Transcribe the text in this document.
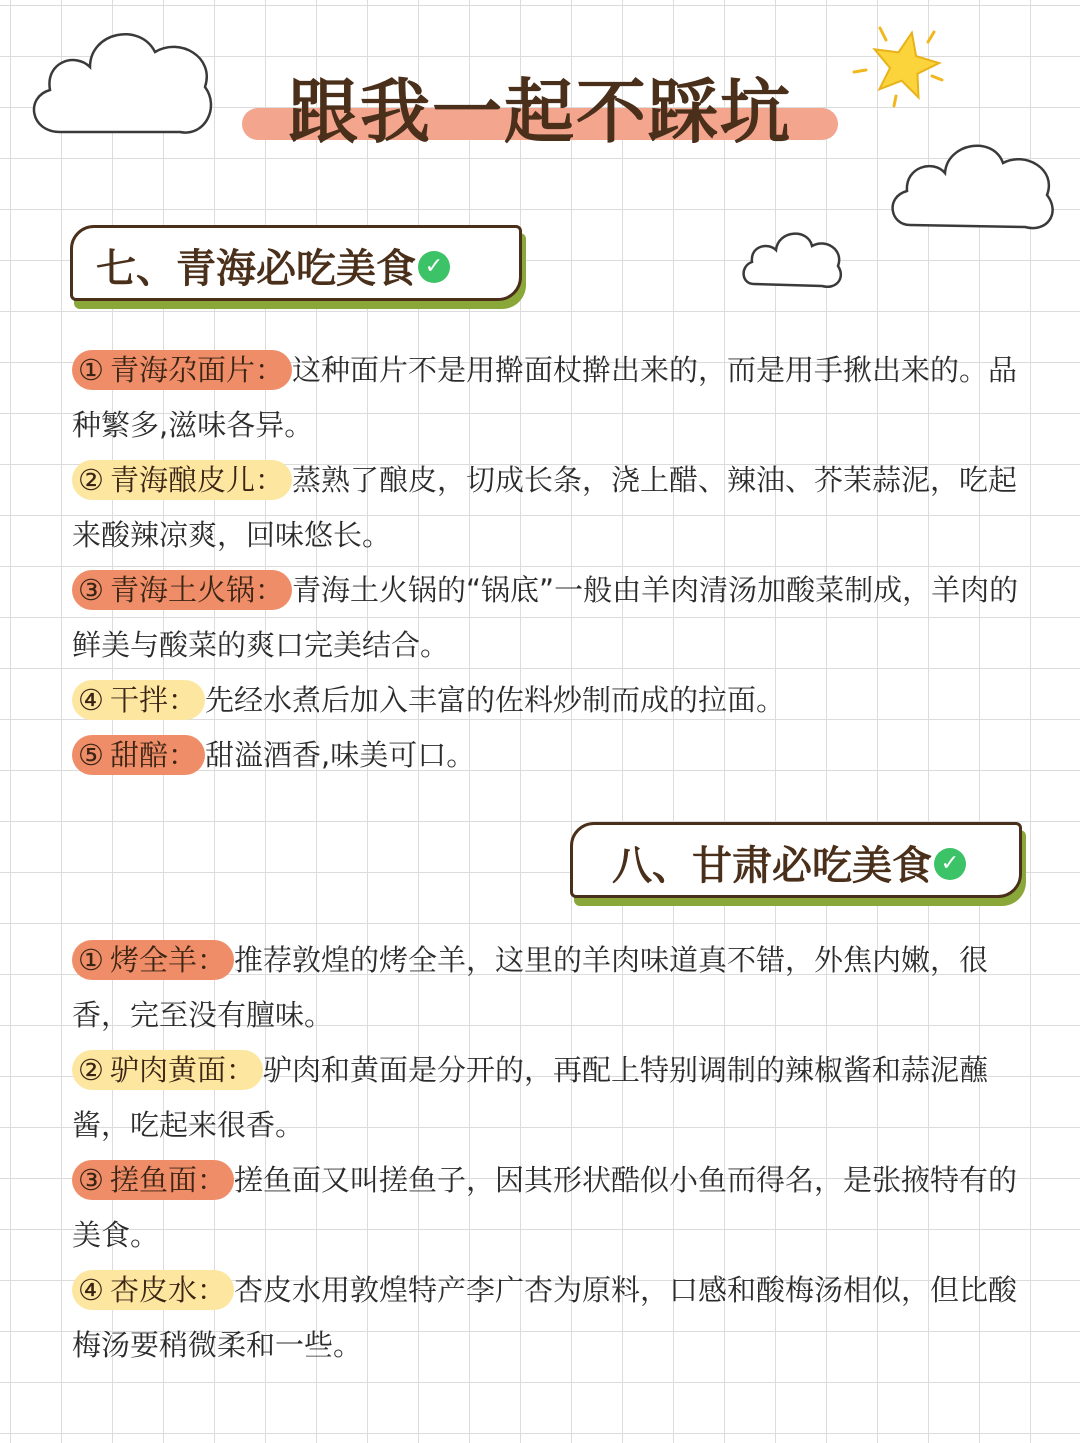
跟我一起不踩坑
七、青海必吃美食 ✓

① 青海尕面片： 这种面片不是用擀面杖擀出来的，而是用手揪出来的。品种繁多,滋味各异。

② 青海酿皮儿： 蒸熟了酿皮，切成长条，浇上醋、辣油、芥茉蒜泥，吃起来酸辣凉爽，回味悠长。

③ 青海土火锅： 青海土火锅的“锅底”一般由羊肉清汤加酸菜制成，羊肉的鲜美与酸菜的爽口完美结合。

④ 干拌： 先经水煮后加入丰富的佐料炒制而成的拉面。

⑤ 甜醅： 甜溢酒香,味美可口。

八、甘肃必吃美食 ✓

① 烤全羊： 推荐敦煌的烤全羊，这里的羊肉味道真不错，外焦内嫩，很香，完至没有膻味。

② 驴肉黄面： 驴肉和黄面是分开的，再配上特别调制的辣椒酱和蒜泥蘸酱，吃起来很香。

③ 搓鱼面： 搓鱼面又叫搓鱼子，因其形状酷似小鱼而得名，是张掖特有的美食。

④ 杏皮水： 杏皮水用敦煌特产李广杏为原料，口感和酸梅汤相似，但比酸梅汤要稍微柔和一些。
